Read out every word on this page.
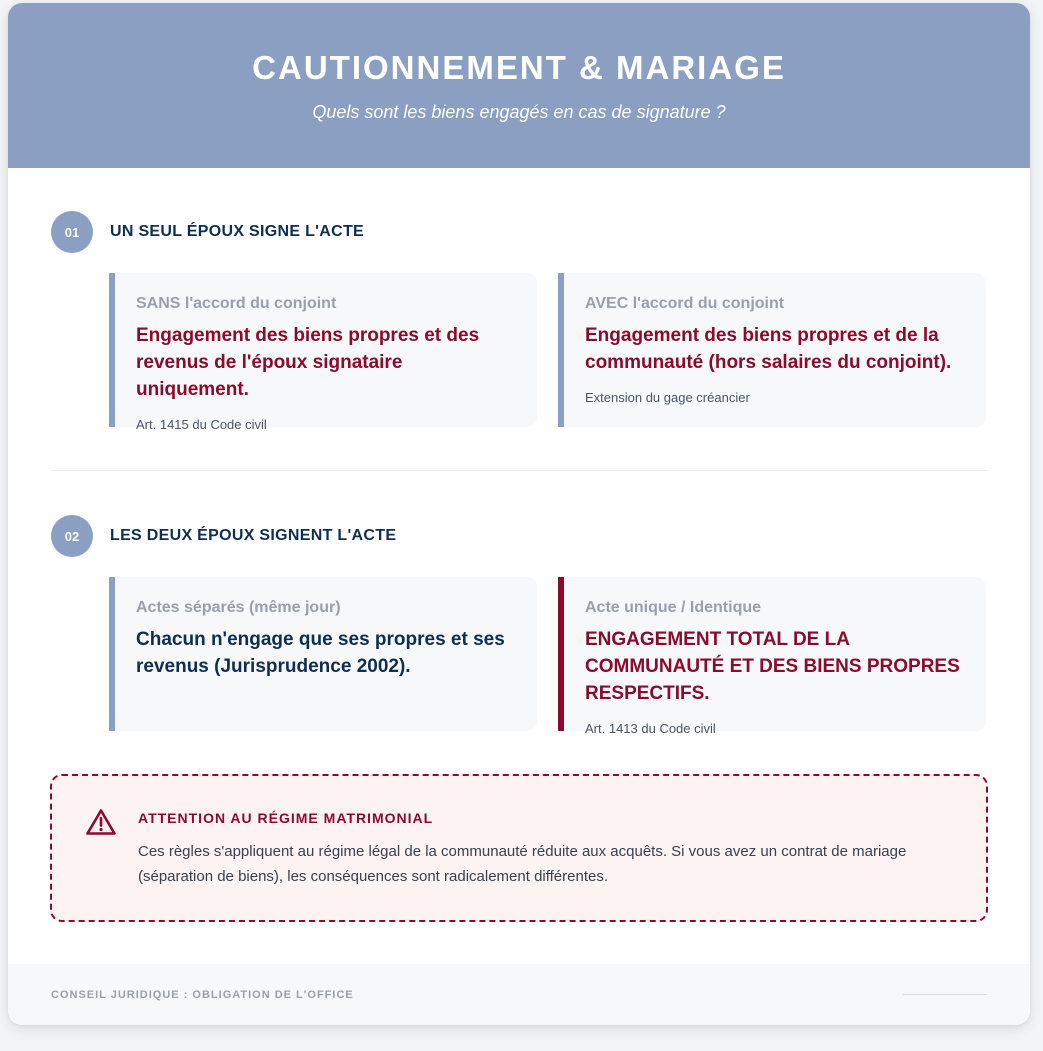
CAUTIONNEMENT & MARIAGE
Quels sont les biens engagés en cas de signature ?
01	UN SEUL ÉPOUX SIGNE L'ACTE
SANS l'accord du conjoint
Engagement des biens propres et des revenus de l'époux signataire uniquement.
Art. 1415 du Code civil
AVEC l'accord du conjoint
Engagement des biens propres et de la communauté (hors salaires du conjoint).
Extension du gage créancier
02	LES DEUX ÉPOUX SIGNENT L'ACTE
Actes séparés (même jour)
Chacun n'engage que ses propres et ses revenus (Jurisprudence 2002).
Acte unique / Identique
ENGAGEMENT TOTAL DE LA COMMUNAUTÉ ET DES BIENS PROPRES RESPECTIFS.
Art. 1413 du Code civil
ATTENTION AU RÉGIME MATRIMONIAL
Ces règles s'appliquent au régime légal de la communauté réduite aux acquêts. Si vous avez un contrat de mariage (séparation de biens), les conséquences sont radicalement différentes.
CONSEIL JURIDIQUE : OBLIGATION DE L'OFFICE
